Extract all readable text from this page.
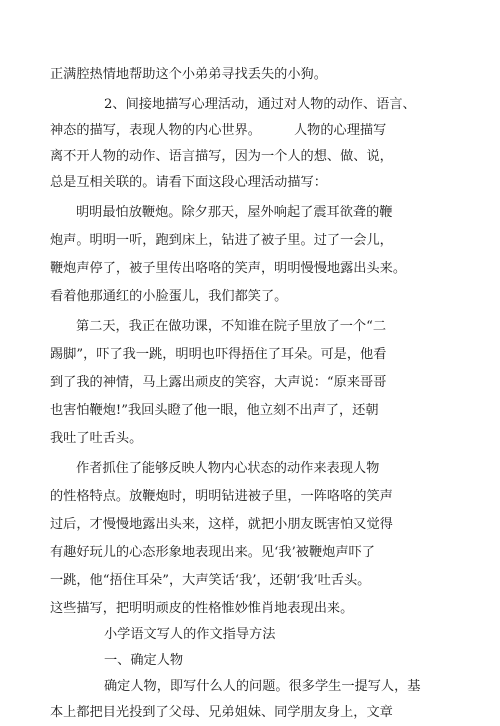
正满腔热情地帮助这个小弟弟寻找丢失的小狗。
2、间接地描写心理活动，通过对人物的动作、语言、
神态的描写，表现人物的内心世界。　　　人物的心理描写
离不开人物的动作、语言描写，因为一个人的想、做、说，
总是互相关联的。请看下面这段心理活动描写：
明明最怕放鞭炮。除夕那天，屋外响起了震耳欲聋的鞭
炮声。明明一听，跑到床上，钻进了被子里。过了一会儿，
鞭炮声停了，被子里传出咯咯的笑声，明明慢慢地露出头来。
看着他那通红的小脸蛋儿，我们都笑了。
第二天，我正在做功课，不知谁在院子里放了一个“二
踢脚”，吓了我一跳，明明也吓得捂住了耳朵。可是，他看
到了我的神情，马上露出顽皮的笑容，大声说：“原来哥哥
也害怕鞭炮!”我回头瞪了他一眼，他立刻不出声了，还朝
我吐了吐舌头。
作者抓住了能够反映人物内心状态的动作来表现人物
的性格特点。放鞭炮时，明明钻进被子里，一阵咯咯的笑声
过后，才慢慢地露出头来，这样，就把小朋友既害怕又觉得
有趣好玩儿的心态形象地表现出来。见‘我’被鞭炮声吓了
一跳，他“捂住耳朵”，大声笑话‘我’，还朝‘我’吐舌头。
这些描写，把明明顽皮的性格惟妙惟肖地表现出来。
小学语文写人的作文指导方法
一、确定人物
确定人物，即写什么人的问题。很多学生一提写人，基
本上都把目光投到了父母、兄弟姐妹、同学朋友身上，文章
